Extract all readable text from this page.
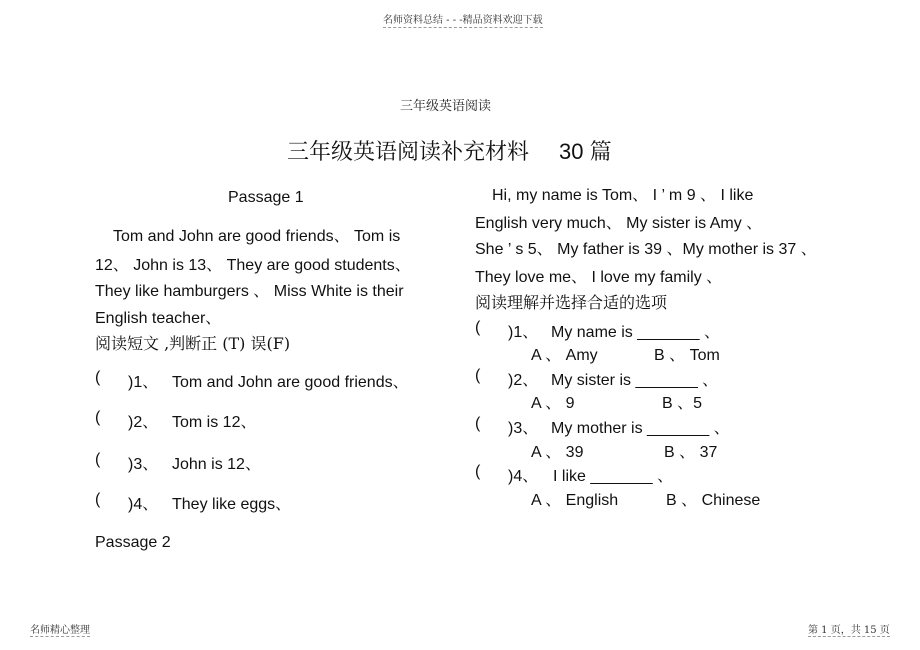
名师资料总结 - - -精品资料欢迎下载
三年级英语阅读
三年级英语阅读补充材料 30 篇
Passage 1
Tom and John are good friends、 Tom is
12、 John is 13、 They are good students、
They like hamburgers 、 Miss White is their
English teacher、
阅读短文 ,判断正 (T) 误(F)
( )1、 Tom and John are good friends、
( )2、 Tom is 12、
( )3、 John is 12、
( )4、 They like eggs、
Passage 2
Hi, my name is Tom、 I ’ m 9 、 I like
English very much、 My sister is Amy 、
She ’ s 5、 My father is 39 、My mother is 37 、
They love me、 I love my family 、
阅读理解并选择合适的选项
( )1、 My name is _______ 、
A 、 Amy	B 、 Tom
( )2、 My sister is _______ 、
A 、 9	B 、5
( )3、 My mother is _______ 、
A 、 39	B 、 37
( )4、 I like _______ 、
A 、 English	B 、 Chinese
名师精心整理	第 1 页，共 15 页
